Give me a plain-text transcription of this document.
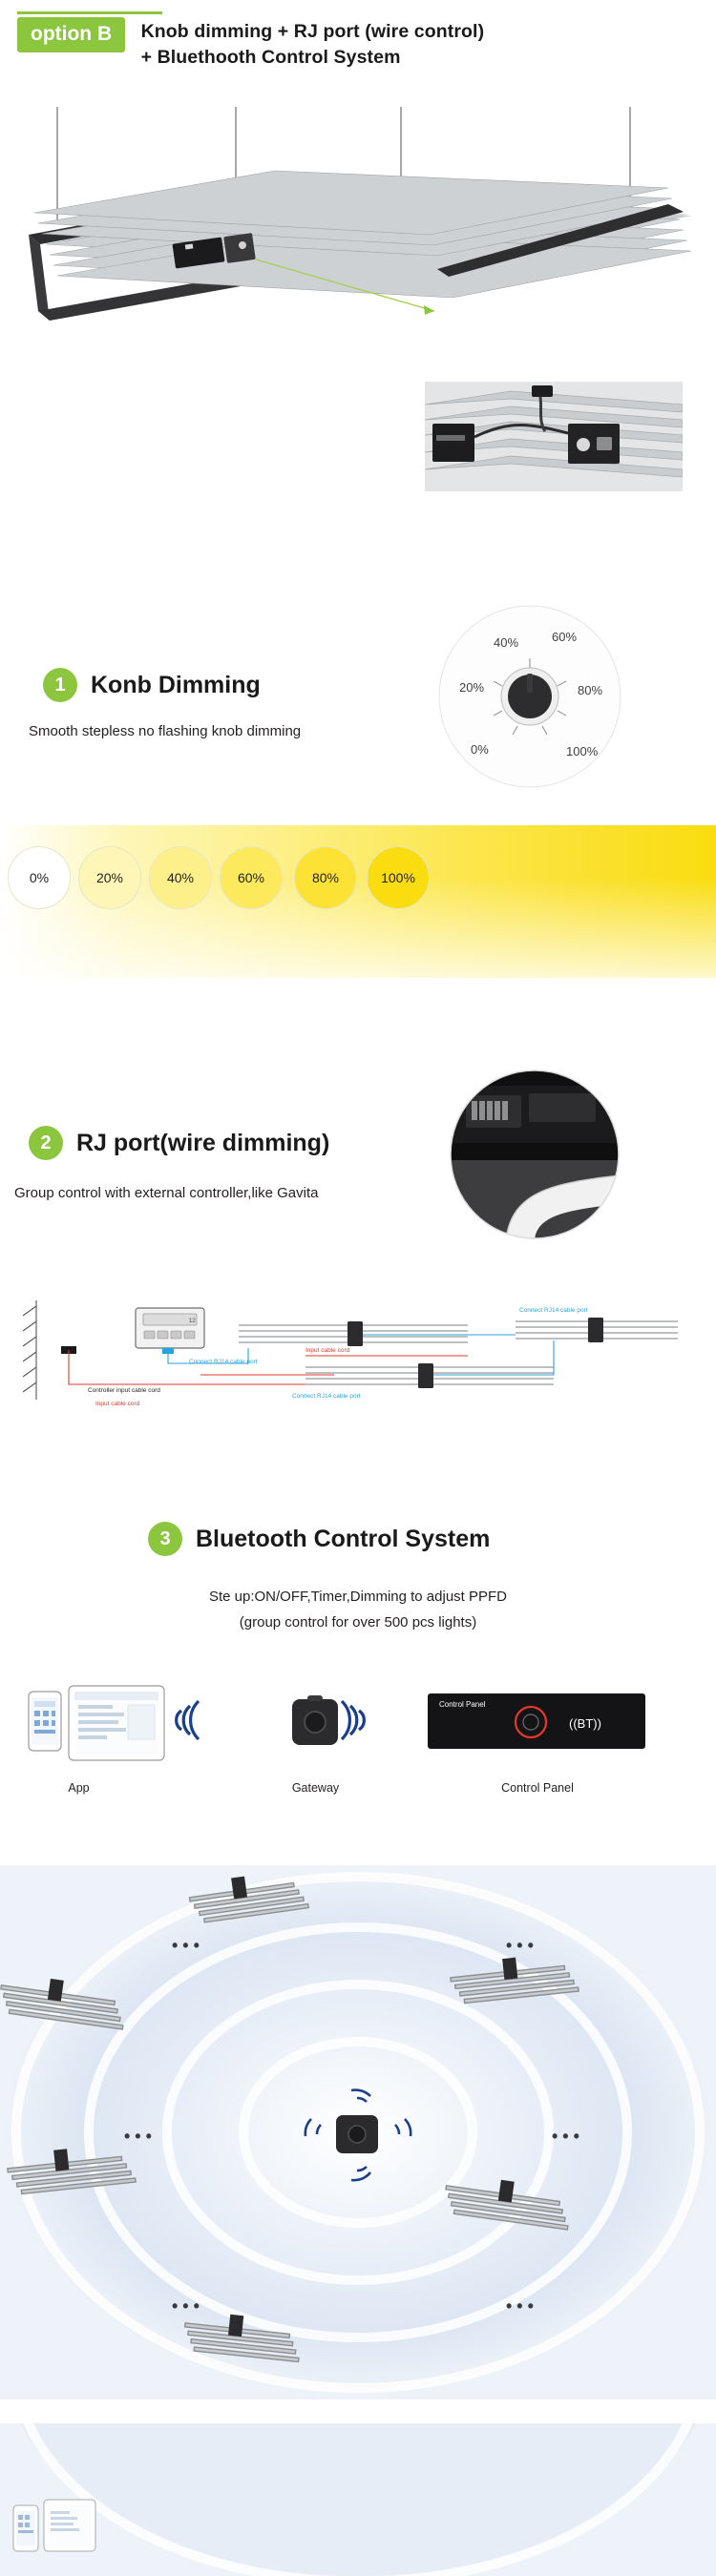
option B Knob dimming + RJ port (wire control)
+ Bluethooth Control System
1	Konb Dimming
Smooth stepless no flashing knob dimming
40%	60%
20%	80%
0%	100%
0%	20%	40%	60%	80%	100%
2	RJ port(wire dimming)
Group control with external controller,like Gavita
12
Controller input cable cord
Connect RJ14 cable port
Input cable cord
Input cable cord
Connect RJ14 cable port
Connect RJ14 cable port
3	Bluetooth Control System
Ste up:ON/OFF,Timer,Dimming to adjust PPFD
(group control for over 500 pcs lights)
Control Panel
((BT))
App	Gateway	Control Panel
• • •	• • •
• • •	• • •
• • •	• • •
